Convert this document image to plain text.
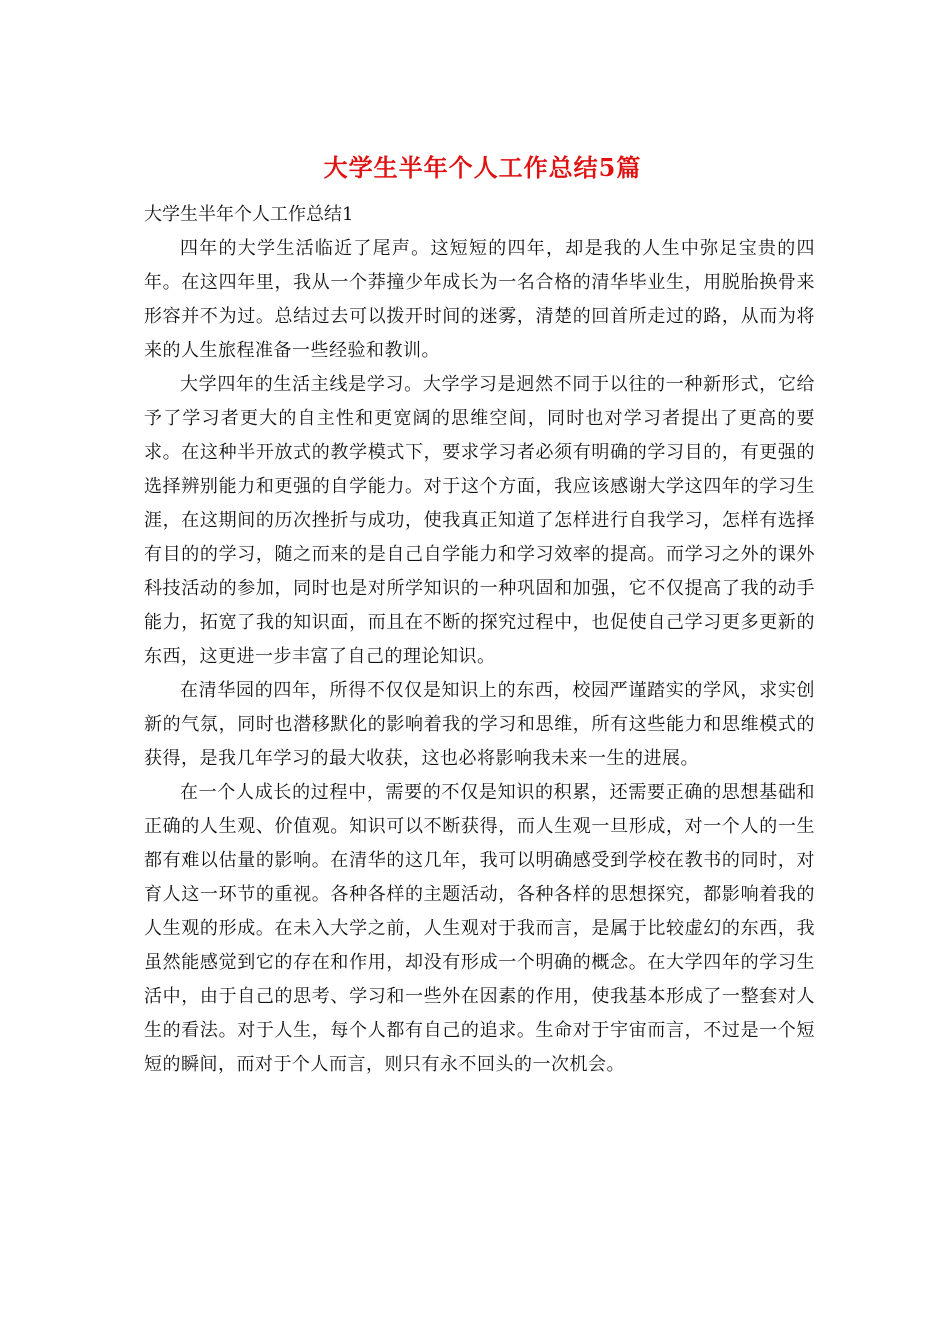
大学生半年个人工作总结5篇
大学生半年个人工作总结1

四年的大学生活临近了尾声。这短短的四年，却是我的人生中弥足宝贵的四年。在这四年里，我从一个莽撞少年成长为一名合格的清华毕业生，用脱胎换骨来形容并不为过。总结过去可以拨开时间的迷雾，清楚的回首所走过的路，从而为将来的人生旅程准备一些经验和教训。

大学四年的生活主线是学习。大学学习是迥然不同于以往的一种新形式，它给予了学习者更大的自主性和更宽阔的思维空间，同时也对学习者提出了更高的要求。在这种半开放式的教学模式下，要求学习者必须有明确的学习目的，有更强的选择辨别能力和更强的自学能力。对于这个方面，我应该感谢大学这四年的学习生涯，在这期间的历次挫折与成功，使我真正知道了怎样进行自我学习，怎样有选择有目的的学习，随之而来的是自己自学能力和学习效率的提高。而学习之外的课外科技活动的参加，同时也是对所学知识的一种巩固和加强，它不仅提高了我的动手能力，拓宽了我的知识面，而且在不断的探究过程中，也促使自己学习更多更新的东西，这更进一步丰富了自己的理论知识。

在清华园的四年，所得不仅仅是知识上的东西，校园严谨踏实的学风，求实创新的气氛，同时也潜移默化的影响着我的学习和思维，所有这些能力和思维模式的获得，是我几年学习的最大收获，这也必将影响我未来一生的进展。

在一个人成长的过程中，需要的不仅是知识的积累，还需要正确的思想基础和正确的人生观、价值观。知识可以不断获得，而人生观一旦形成，对一个人的一生都有难以估量的影响。在清华的这几年，我可以明确感受到学校在教书的同时，对育人这一环节的重视。各种各样的主题活动，各种各样的思想探究，都影响着我的人生观的形成。在未入大学之前，人生观对于我而言，是属于比较虚幻的东西，我虽然能感觉到它的存在和作用，却没有形成一个明确的概念。在大学四年的学习生活中，由于自己的思考、学习和一些外在因素的作用，使我基本形成了一整套对人生的看法。对于人生，每个人都有自己的追求。生命对于宇宙而言，不过是一个短短的瞬间，而对于个人而言，则只有永不回头的一次机会。
